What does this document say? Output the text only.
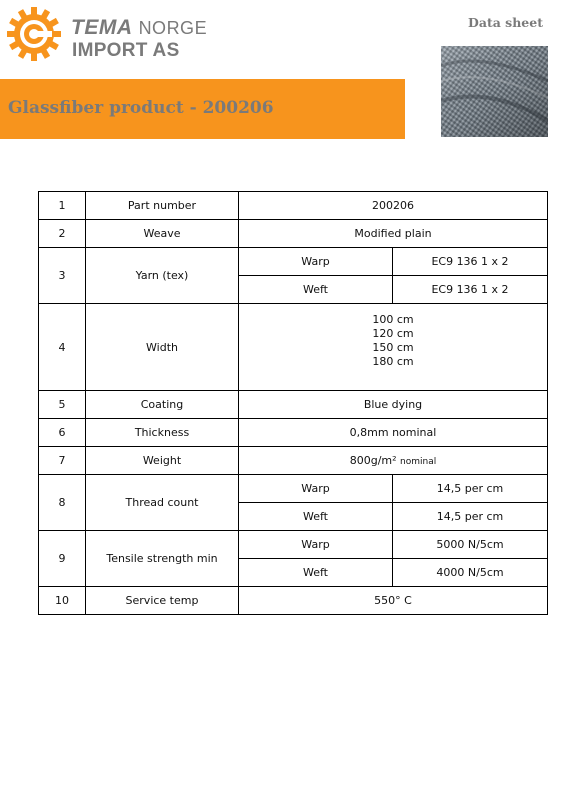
TEMA NORGE
IMPORT AS
Data sheet
Glassfiber product - 200206
1	Part number	200206	
2	Weave	Modified plain	
3	Yarn (tex)	Warp	EC9 136 1 x 2
		Weft	EC9 136 1 x 2
4	Width	100 cm
120 cm
150 cm
180 cm	

5	Coating	Blue dying	
6	Thickness	0,8mm nominal	
7	Weight	800g/m² nominal	
8	Thread count	Warp	14,5 per cm
		Weft	14,5 per cm
9	Tensile strength min	Warp	5000 N/5cm
		Weft	4000 N/5cm
10	Service temp	550° C	
